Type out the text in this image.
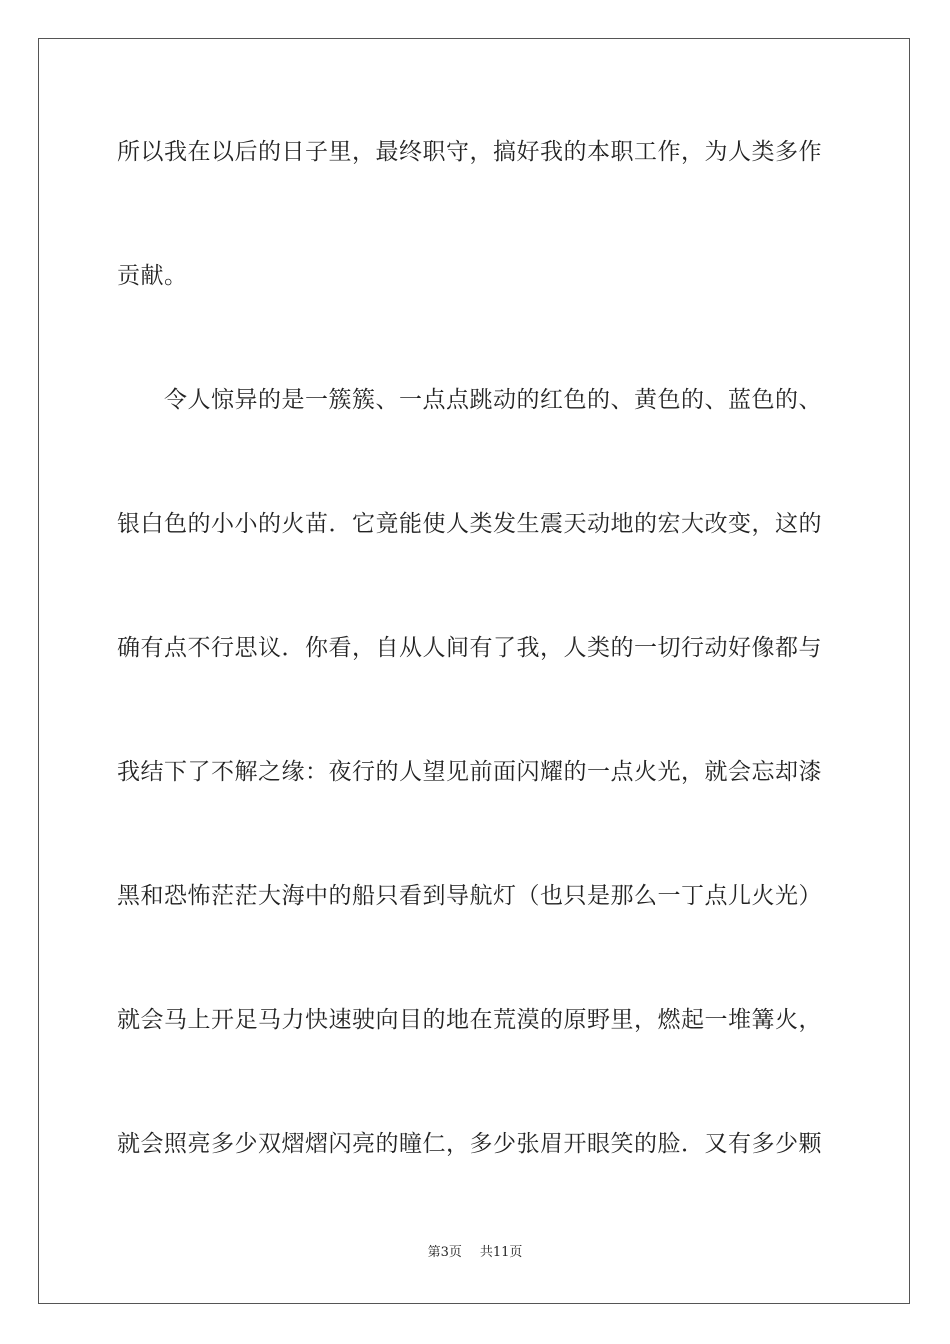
所以我在以后的日子里，最终职守，搞好我的本职工作，为人类多作
贡献。
令人惊异的是一簇簇、一点点跳动的红色的、黄色的、蓝色的、
银白色的小小的火苗．它竟能使人类发生震天动地的宏大改变，这的
确有点不行思议．你看，自从人间有了我，人类的一切行动好像都与
我结下了不解之缘：夜行的人望见前面闪耀的一点火光，就会忘却漆
黑和恐怖茫茫大海中的船只看到导航灯（也只是那么一丁点儿火光）
就会马上开足马力快速驶向目的地在荒漠的原野里，燃起一堆篝火，
就会照亮多少双熠熠闪亮的瞳仁，多少张眉开眼笑的脸．又有多少颗
第3页 共11页
